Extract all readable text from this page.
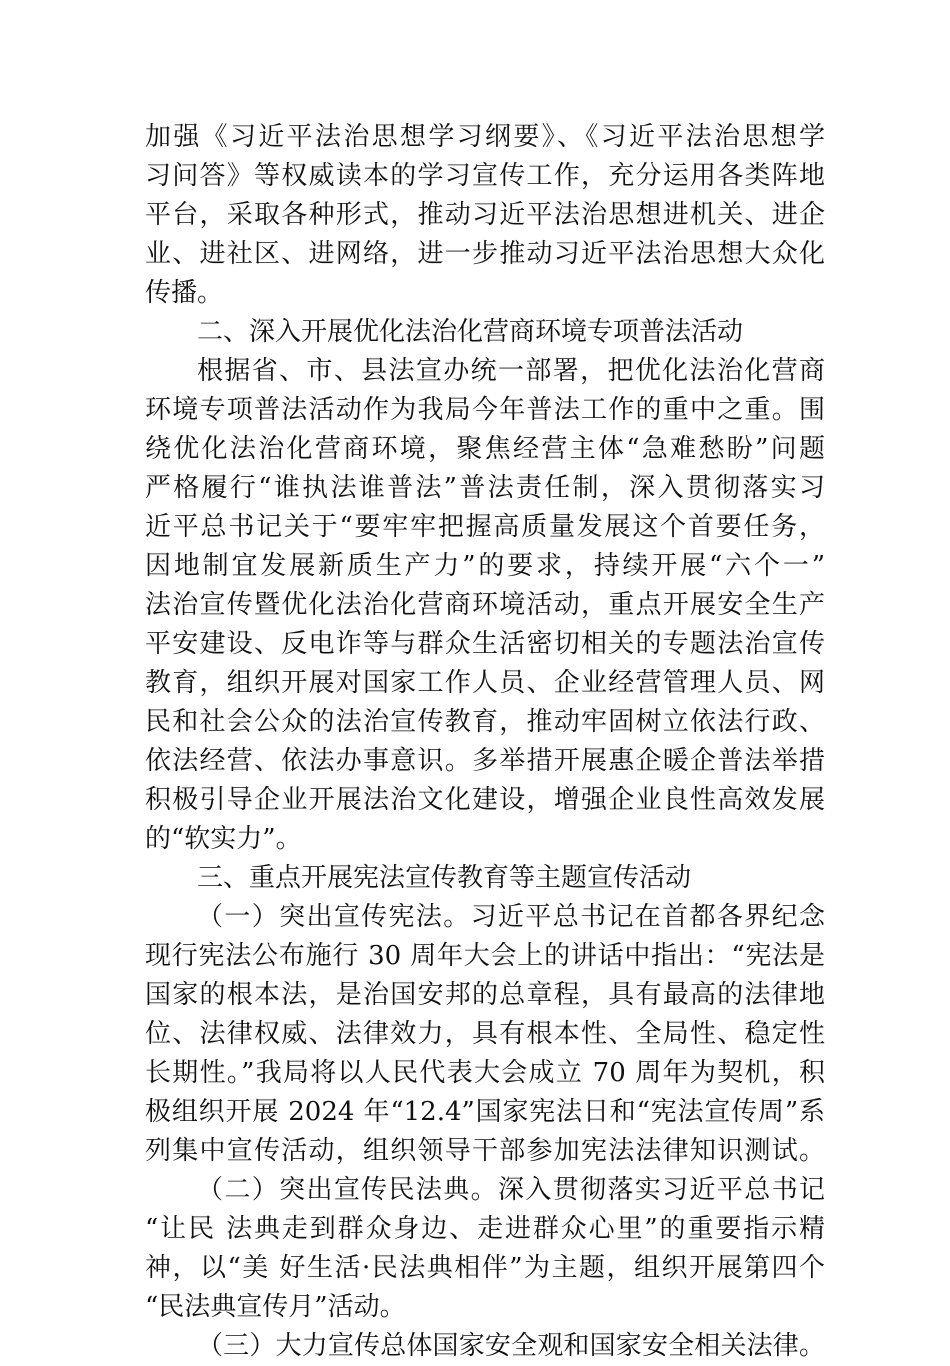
加强《习近平法治思想学习纲要》、《习近平法治思想学
习问答》等权威读本的学习宣传工作，充分运用各类阵地
平台，采取各种形式，推动习近平法治思想进机关、进企
业、进社区、进网络，进一步推动习近平法治思想大众化
传播。
二、深入开展优化法治化营商环境专项普法活动
根据省、市、县法宣办统一部署，把优化法治化营商
环境专项普法活动作为我局今年普法工作的重中之重。围
绕优化法治化营商环境，聚焦经营主体“急难愁盼”问题
严格履行“谁执法谁普法”普法责任制，深入贯彻落实习
近平总书记关于“要牢牢把握高质量发展这个首要任务，
因地制宜发展新质生产力”的要求，持续开展“六个一”
法治宣传暨优化法治化营商环境活动，重点开展安全生产
平安建设、反电诈等与群众生活密切相关的专题法治宣传
教育，组织开展对国家工作人员、企业经营管理人员、网
民和社会公众的法治宣传教育，推动牢固树立依法行政、
依法经营、依法办事意识。多举措开展惠企暖企普法举措
积极引导企业开展法治文化建设，增强企业良性高效发展
的“软实力”。
三、重点开展宪法宣传教育等主题宣传活动
（一）突出宣传宪法。习近平总书记在首都各界纪念
现行宪法公布施行 30 周年大会上的讲话中指出：“宪法是
国家的根本法，是治国安邦的总章程，具有最高的法律地
位、法律权威、法律效力，具有根本性、全局性、稳定性
长期性。”我局将以人民代表大会成立 70 周年为契机，积
极组织开展 2024 年“12.4”国家宪法日和“宪法宣传周”系
列集中宣传活动，组织领导干部参加宪法法律知识测试。
（二）突出宣传民法典。深入贯彻落实习近平总书记
“让民 法典走到群众身边、走进群众心里”的重要指示精
神，以“美 好生活·民法典相伴”为主题，组织开展第四个
“民法典宣传月”活动。
（三）大力宣传总体国家安全观和国家安全相关法律。
